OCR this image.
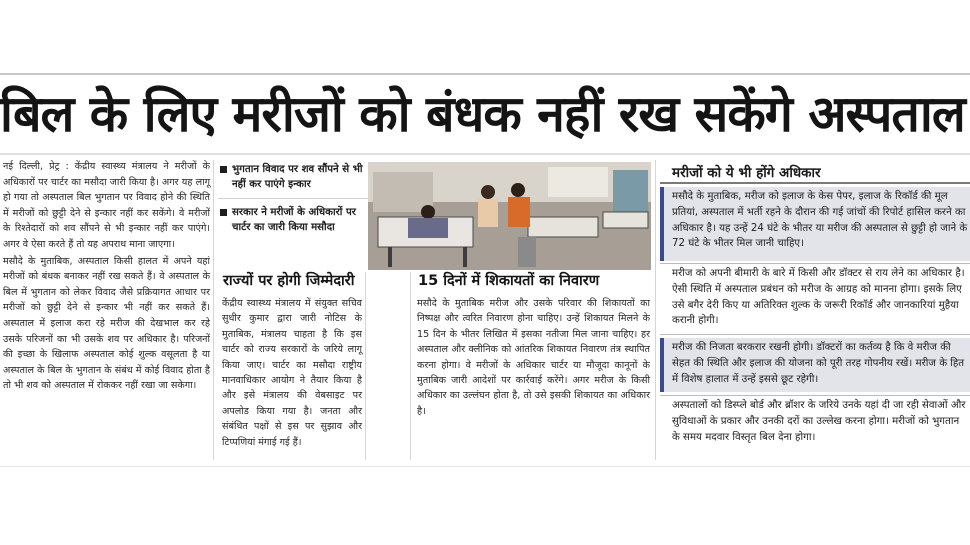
बिल के लिए मरीजों को बंधक नहीं रख सकेंगे अस्पताल

नई दिल्ली, प्रेट्र : केंद्रीय स्वास्थ्य मंत्रालय ने मरीजों के अधिकारों पर चार्टर का मसौदा जारी किया है। अगर यह लागू हो गया तो अस्पताल बिल भुगतान पर विवाद होने की स्थिति में मरीजों को छुट्टी देने से इन्कार नहीं कर सकेंगे। वे मरीजों के रिश्तेदारों को शव सौंपने से भी इन्कार नहीं कर पाएंगे। अगर वे ऐसा करते हैं तो यह अपराध माना जाएगा।

मसौदे के मुताबिक, अस्पताल किसी हालत में अपने यहां मरीजों को बंधक बनाकर नहीं रख सकते हैं। वे अस्पताल के बिल में भुगतान को लेकर विवाद जैसे प्रक्रियागत आधार पर मरीजों को छुट्टी देने से इन्कार भी नहीं कर सकते हैं। अस्पताल में इलाज करा रहे मरीज की देखभाल कर रहे उसके परिजनों का भी उसके शव पर अधिकार है। परिजनों की इच्छा के खिलाफ अस्पताल कोई शुल्क वसूलता है या अस्पताल के बिल के भुगतान के संबंध में कोई विवाद होता है तो भी शव को अस्पताल में रोककर नहीं रखा जा सकेगा।

भुगतान विवाद पर शव सौंपने से भी नहीं कर पाएंगे इन्कार
सरकार ने मरीजों के अधिकारों पर चार्टर का जारी किया मसौदा
राज्यों पर होगी जिम्मेदारी
केंद्रीय स्वास्थ्य मंत्रालय में संयुक्त सचिव सुधीर कुमार द्वारा जारी नोटिस के मुताबिक, मंत्रालय चाहता है कि इस चार्टर को राज्य सरकारों के जरिये लागू किया जाए। चार्टर का मसौदा राष्ट्रीय मानवाधिकार आयोग ने तैयार किया है और इसे मंत्रालय की वेबसाइट पर अपलोड किया गया है। जनता और संबंधित पक्षों से इस पर सुझाव और टिप्पणियां मंगाई गई हैं।
15 दिनों में शिकायतों का निवारण
मसौदे के मुताबिक मरीज और उसके परिवार की शिकायतों का निष्पक्ष और त्वरित निवारण होना चाहिए। उन्हें शिकायत मिलने के 15 दिन के भीतर लिखित में इसका नतीजा मिल जाना चाहिए। हर अस्पताल और क्लीनिक को आंतरिक शिकायत निवारण तंत्र स्थापित करना होगा। वे मरीजों के अधिकार चार्टर या मौजूदा कानूनों के मुताबिक जारी आदेशों पर कार्रवाई करेंगे। अगर मरीज के किसी अधिकार का उल्लंघन होता है, तो उसे इसकी शिकायत का अधिकार है।
मरीजों को ये भी होंगे अधिकार
मसौदे के मुताबिक, मरीज को इलाज के केस पेपर, इलाज के रिकॉर्ड की मूल प्रतियां, अस्पताल में भर्ती रहने के दौरान की गई जांचों की रिपोर्ट हासिल करने का अधिकार है। यह उन्हें 24 घंटे के भीतर या मरीज की अस्पताल से छुट्टी हो जाने के 72 घंटे के भीतर मिल जानी चाहिए।
मरीज को अपनी बीमारी के बारे में किसी और डॉक्टर से राय लेने का अधिकार है। ऐसी स्थिति में अस्पताल प्रबंधन को मरीज के आग्रह को मानना होगा। इसके लिए उसे बगैर देरी किए या अतिरिक्त शुल्क के जरूरी रिकॉर्ड और जानकारियां मुहैया करानी होगी।
मरीज की निजता बरकरार रखनी होगी। डॉक्टरों का कर्तव्य है कि वे मरीज की सेहत की स्थिति और इलाज की योजना को पूरी तरह गोपनीय रखें। मरीज के हित में विशेष हालात में उन्हें इससे छूट रहेगी।
अस्पतालों को डिस्प्ले बोर्ड और ब्रॉशर के जरिये उनके यहां दी जा रही सेवाओं और सुविधाओं के प्रकार और उनकी दरों का उल्लेख करना होगा। मरीजों को भुगतान के समय मदवार विस्तृत बिल देना होगा।
